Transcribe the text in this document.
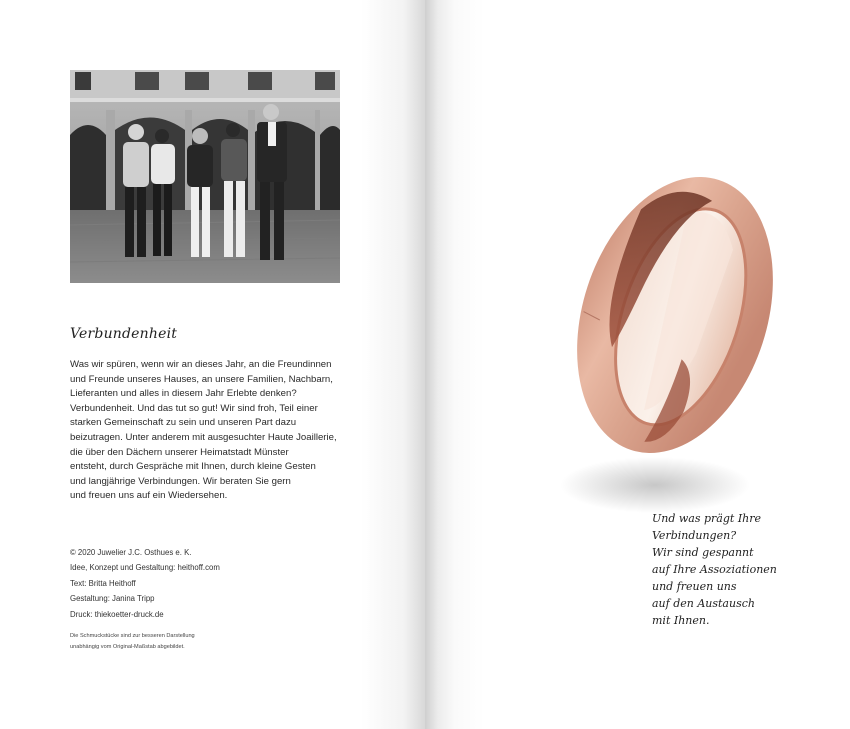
Verbundenheit
Was wir spüren, wenn wir an dieses Jahr, an die Freundinnen
und Freunde unseres Hauses, an unsere Familien, Nachbarn,
Lieferanten und alles in diesem Jahr Erlebte denken?
Verbundenheit. Und das tut so gut! Wir sind froh, Teil einer
starken Gemeinschaft zu sein und unseren Part dazu
beizutragen. Unter anderem mit ausgesuchter Haute Joaillerie,
die über den Dächern unserer Heimatstadt Münster
entsteht, durch Gespräche mit Ihnen, durch kleine Gesten
und langjährige Verbindungen. Wir beraten Sie gern
und freuen uns auf ein Wiedersehen.
© 2020 Juwelier J.C. Osthues e. K.
Idee, Konzept und Gestaltung: heithoff.com
Text: Britta Heithoff
Gestaltung: Janina Tripp
Druck: thiekoetter-druck.de
Die Schmuckstücke sind zur besseren Darstellung
unabhängig vom Original-Maßstab abgebildet.
Und was prägt Ihre
Verbindungen?
Wir sind gespannt
auf Ihre Assoziationen
und freuen uns
auf den Austausch
mit Ihnen.
